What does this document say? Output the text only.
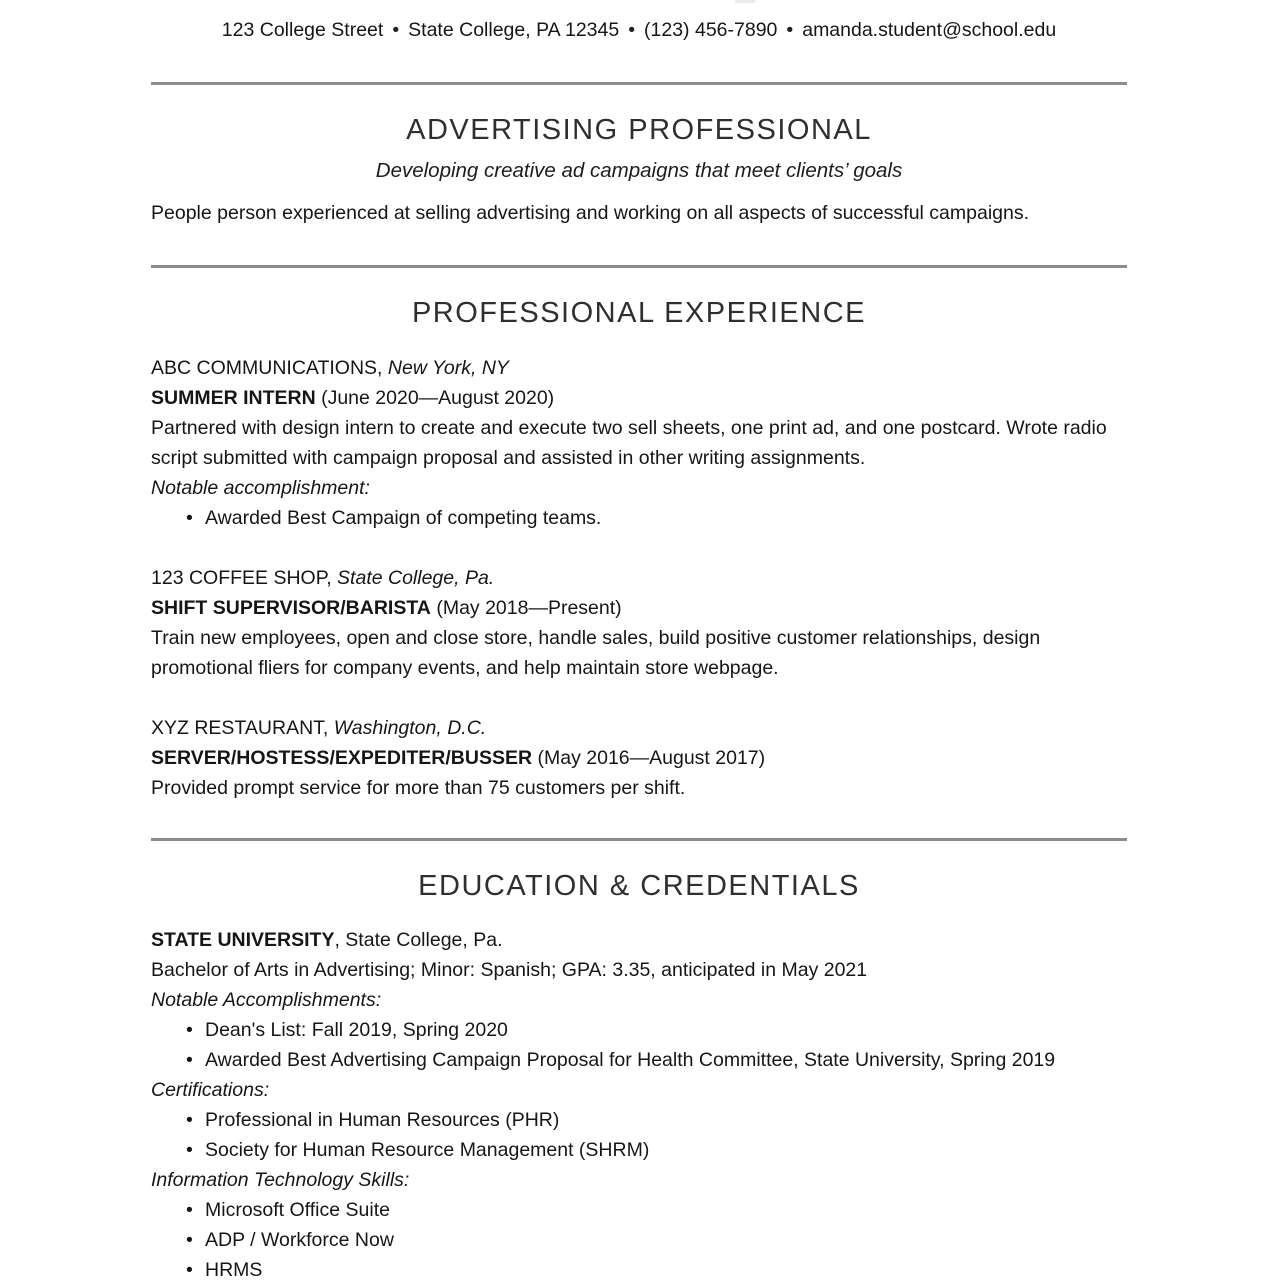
123 College Street • State College, PA 12345 • (123) 456-7890 • amanda.student@school.edu
ADVERTISING PROFESSIONAL
Developing creative ad campaigns that meet clients’ goals

People person experienced at selling advertising and working on all aspects of successful campaigns.

PROFESSIONAL EXPERIENCE

ABC COMMUNICATIONS, New York, NY

SUMMER INTERN (June 2020—August 2020)

Partnered with design intern to create and execute two sell sheets, one print ad, and one postcard. Wrote radio script submitted with campaign proposal and assisted in other writing assignments.

Notable accomplishment:

• Awarded Best Campaign of competing teams.

123 COFFEE SHOP, State College, Pa.

SHIFT SUPERVISOR/BARISTA (May 2018—Present)

Train new employees, open and close store, handle sales, build positive customer relationships, design promotional fliers for company events, and help maintain store webpage.

XYZ RESTAURANT, Washington, D.C.

SERVER/HOSTESS/EXPEDITER/BUSSER (May 2016—August 2017)

Provided prompt service for more than 75 customers per shift.

EDUCATION & CREDENTIALS

STATE UNIVERSITY, State College, Pa.

Bachelor of Arts in Advertising; Minor: Spanish; GPA: 3.35, anticipated in May 2021

Notable Accomplishments:

• Dean's List: Fall 2019, Spring 2020
• Awarded Best Advertising Campaign Proposal for Health Committee, State University, Spring 2019

Certifications:

• Professional in Human Resources (PHR)
• Society for Human Resource Management (SHRM)

Information Technology Skills:

• Microsoft Office Suite
• ADP / Workforce Now
• HRMS
